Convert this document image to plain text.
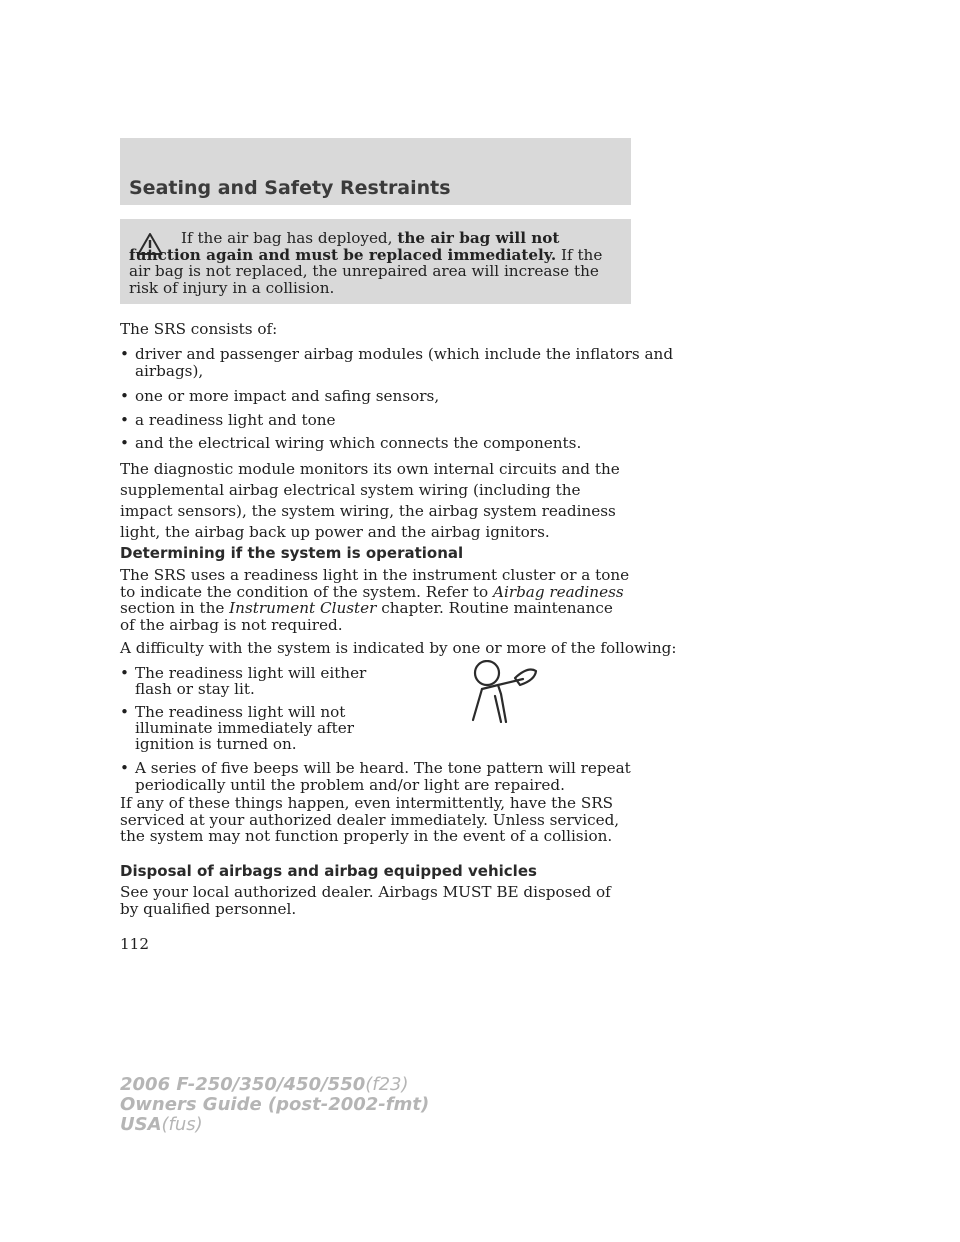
Seating and Safety Restraints
If the air bag has deployed, the air bag will not function again and must be replaced immediately. If the air bag is not replaced, the unrepaired area will increase the risk of injury in a collision.
The SRS consists of:
• driver and passenger airbag modules (which include the inflators and
airbags),
• one or more impact and safing sensors,
• a readiness light and tone
• and the electrical wiring which connects the components.
The diagnostic module monitors its own internal circuits and the supplemental airbag electrical system wiring (including the impact sensors), the system wiring, the airbag system readiness light, the airbag back up power and the airbag ignitors.
Determining if the system is operational
The SRS uses a readiness light in the instrument cluster or a tone to indicate the condition of the system. Refer to Airbag readiness section in the Instrument Cluster chapter. Routine maintenance of the airbag is not required.
A difficulty with the system is indicated by one or more of the following:
• The readiness light will either
flash or stay lit.
• The readiness light will not
illuminate immediately after
ignition is turned on.
• A series of five beeps will be heard. The tone pattern will repeat
periodically until the problem and/or light are repaired.
If any of these things happen, even intermittently, have the SRS serviced at your authorized dealer immediately. Unless serviced, the system may not function properly in the event of a collision.
Disposal of airbags and airbag equipped vehicles
See your local authorized dealer. Airbags MUST BE disposed of by qualified personnel.
112
2006 F-250/350/450/550(f23)
Owners Guide (post-2002-fmt)
USA(fus)
